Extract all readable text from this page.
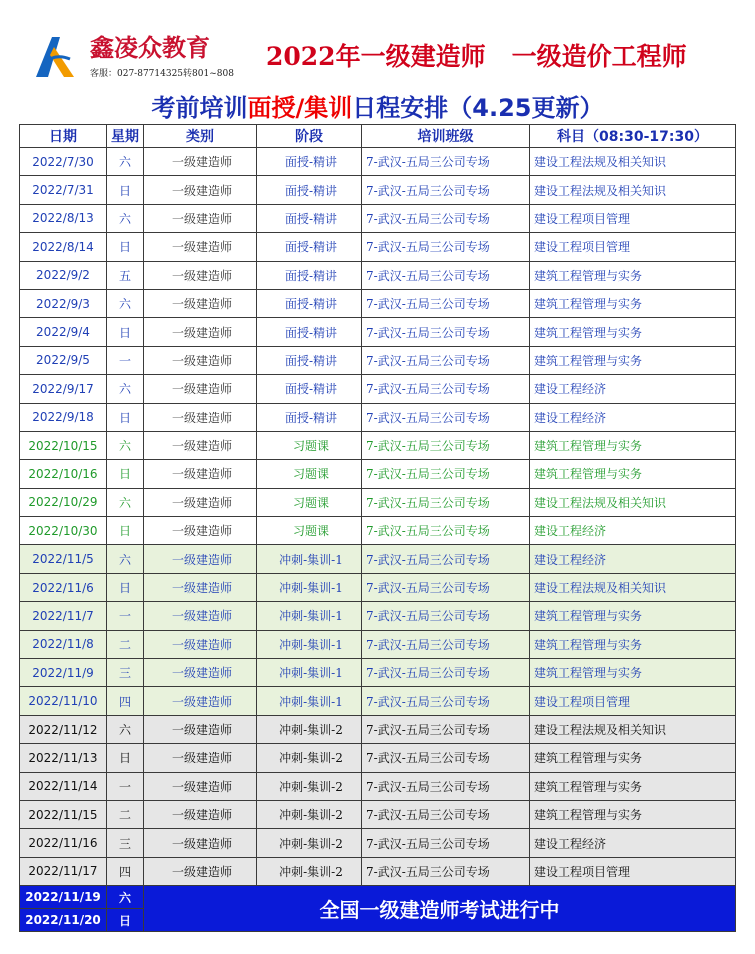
鑫凌众教育
客服：027-87714325转801~808
2022年一级建造师 一级造价工程师
考前培训面授/集训日程安排（4.25更新）
日期	星期	类别	阶段	培训班级	科目（08:30-17:30）
2022/7/30	六	一级建造师	面授-精讲	7-武汉-五局三公司专场	建设工程法规及相关知识
2022/7/31	日	一级建造师	面授-精讲	7-武汉-五局三公司专场	建设工程法规及相关知识
2022/8/13	六	一级建造师	面授-精讲	7-武汉-五局三公司专场	建设工程项目管理
2022/8/14	日	一级建造师	面授-精讲	7-武汉-五局三公司专场	建设工程项目管理
2022/9/2	五	一级建造师	面授-精讲	7-武汉-五局三公司专场	建筑工程管理与实务
2022/9/3	六	一级建造师	面授-精讲	7-武汉-五局三公司专场	建筑工程管理与实务
2022/9/4	日	一级建造师	面授-精讲	7-武汉-五局三公司专场	建筑工程管理与实务
2022/9/5	一	一级建造师	面授-精讲	7-武汉-五局三公司专场	建筑工程管理与实务
2022/9/17	六	一级建造师	面授-精讲	7-武汉-五局三公司专场	建设工程经济
2022/9/18	日	一级建造师	面授-精讲	7-武汉-五局三公司专场	建设工程经济
2022/10/15	六	一级建造师	习题课	7-武汉-五局三公司专场	建筑工程管理与实务
2022/10/16	日	一级建造师	习题课	7-武汉-五局三公司专场	建筑工程管理与实务
2022/10/29	六	一级建造师	习题课	7-武汉-五局三公司专场	建设工程法规及相关知识
2022/10/30	日	一级建造师	习题课	7-武汉-五局三公司专场	建设工程经济
2022/11/5	六	一级建造师	冲刺-集训-1	7-武汉-五局三公司专场	建设工程经济
2022/11/6	日	一级建造师	冲刺-集训-1	7-武汉-五局三公司专场	建设工程法规及相关知识
2022/11/7	一	一级建造师	冲刺-集训-1	7-武汉-五局三公司专场	建筑工程管理与实务
2022/11/8	二	一级建造师	冲刺-集训-1	7-武汉-五局三公司专场	建筑工程管理与实务
2022/11/9	三	一级建造师	冲刺-集训-1	7-武汉-五局三公司专场	建筑工程管理与实务
2022/11/10	四	一级建造师	冲刺-集训-1	7-武汉-五局三公司专场	建设工程项目管理
2022/11/12	六	一级建造师	冲刺-集训-2	7-武汉-五局三公司专场	建设工程法规及相关知识
2022/11/13	日	一级建造师	冲刺-集训-2	7-武汉-五局三公司专场	建筑工程管理与实务
2022/11/14	一	一级建造师	冲刺-集训-2	7-武汉-五局三公司专场	建筑工程管理与实务
2022/11/15	二	一级建造师	冲刺-集训-2	7-武汉-五局三公司专场	建筑工程管理与实务
2022/11/16	三	一级建造师	冲刺-集训-2	7-武汉-五局三公司专场	建设工程经济
2022/11/17	四	一级建造师	冲刺-集训-2	7-武汉-五局三公司专场	建设工程项目管理
2022/11/19	六	全国一级建造师考试进行中			
2022/11/20	日				
